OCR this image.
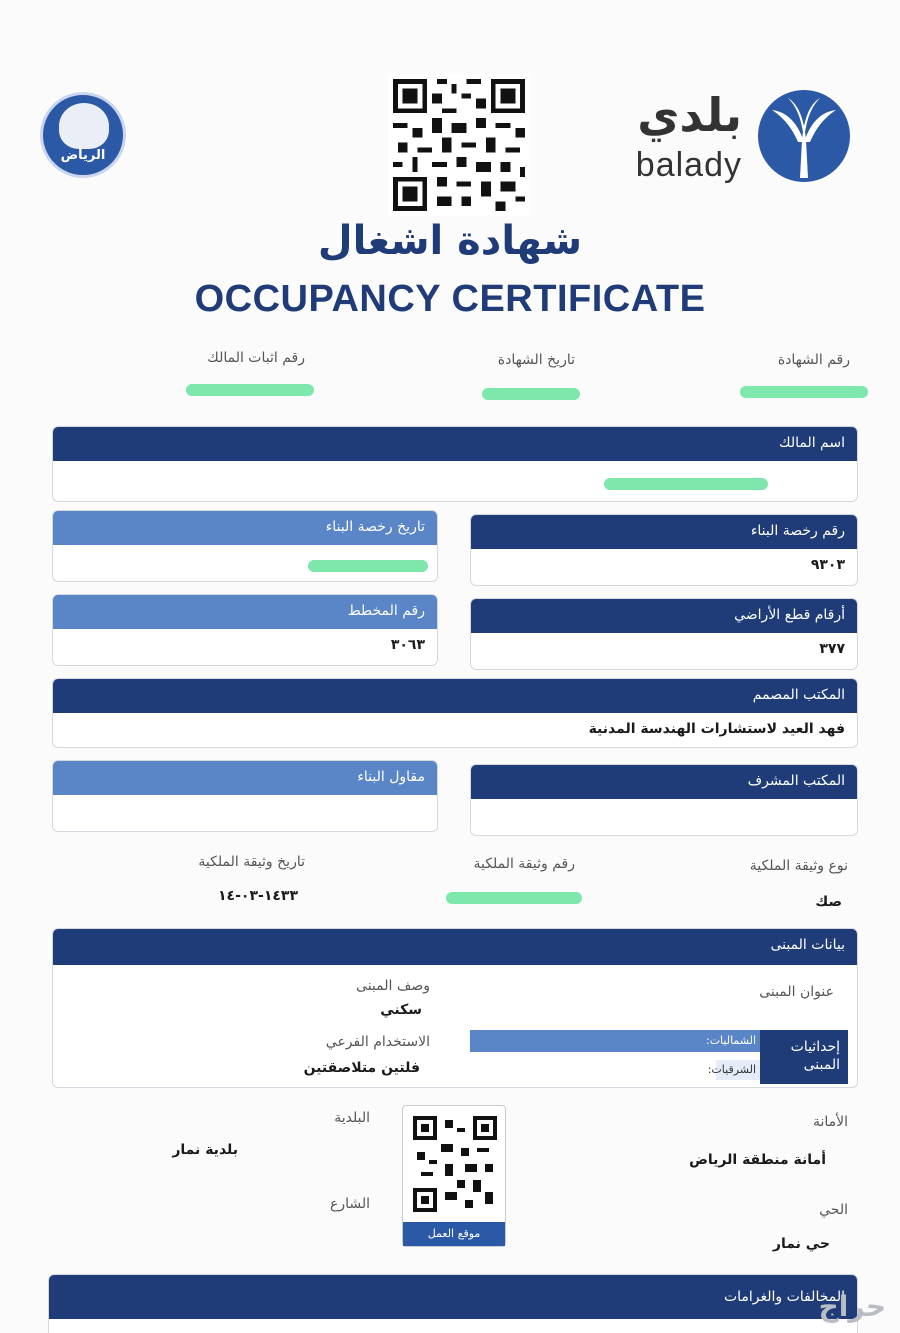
بلدي
balady
الرياض
شهادة اشغال
OCCUPANCY CERTIFICATE
رقم الشهادة
تاريخ الشهادة
رقم اثبات المالك
اسم المالك
رقم رخصة البناء
٩٣٠٣
تاريخ رخصة البناء
أرقام قطع الأراضي
٣٧٧
رقم المخطط
٣٠٦٣
المكتب المصمم
فهد العيد لاستشارات الهندسة المدنية
المكتب المشرف
مقاول البناء
نوع وثيقة الملكية
صك
رقم وثيقة الملكية
تاريخ وثيقة الملكية
١٤٣٣-٠٣-١٤
بيانات المبنى
عنوان المبنى
وصف المبنى
سكني
الاستخدام الفرعي
فلتين متلاصقتين
إحداثيات المبنى
الشماليات:
الشرقيات:
الأمانة
أمانة منطقة الرياض
البلدية
بلدية نمار
الحي
حي نمار
الشارع
موقع العمل
المخالفات والغرامات
حراج
